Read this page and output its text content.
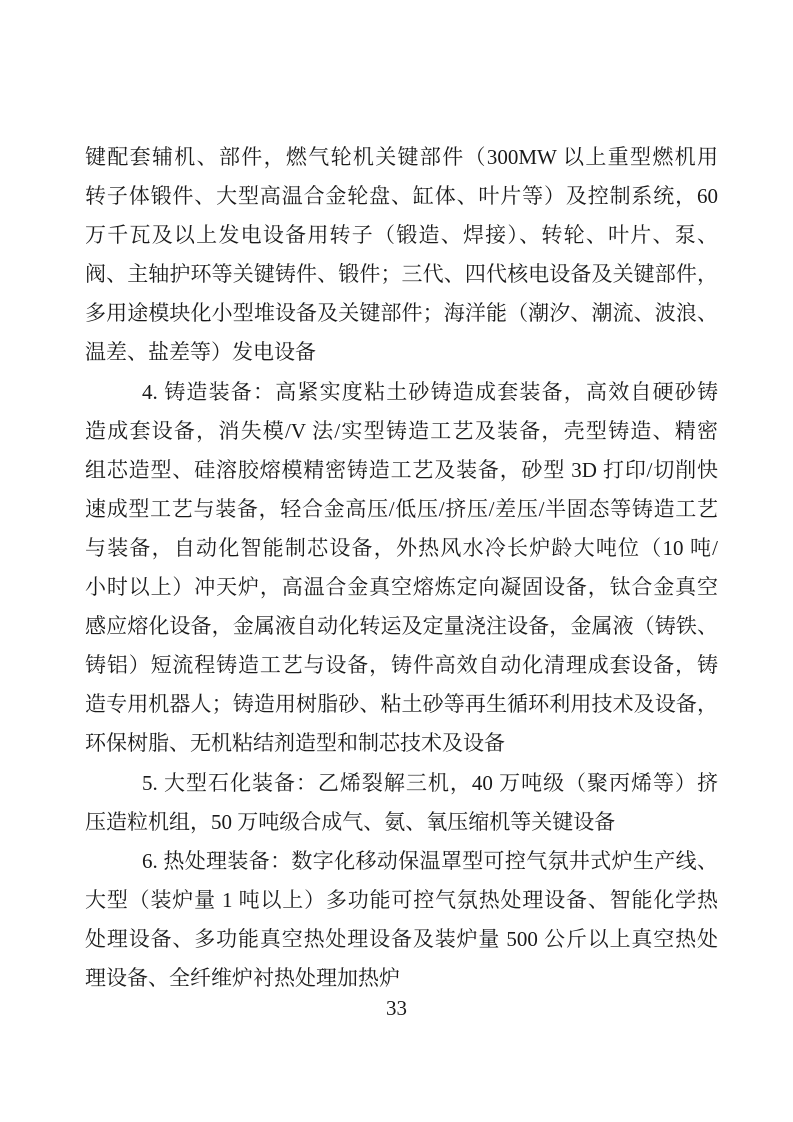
键配套辅机、部件，燃气轮机关键部件（300MW 以上重型燃机用

转子体锻件、大型高温合金轮盘、缸体、叶片等）及控制系统，60

万千瓦及以上发电设备用转子（锻造、焊接）、转轮、叶片、泵、

阀、主轴护环等关键铸件、锻件；三代、四代核电设备及关键部件，

多用途模块化小型堆设备及关键部件；海洋能（潮汐、潮流、波浪、

温差、盐差等）发电设备

4. 铸造装备：高紧实度粘土砂铸造成套装备，高效自硬砂铸

造成套设备，消失模/V 法/实型铸造工艺及装备，壳型铸造、精密

组芯造型、硅溶胶熔模精密铸造工艺及装备，砂型 3D 打印/切削快

速成型工艺与装备，轻合金高压/低压/挤压/差压/半固态等铸造工艺

与装备，自动化智能制芯设备，外热风水冷长炉龄大吨位（10 吨/

小时以上）冲天炉，高温合金真空熔炼定向凝固设备，钛合金真空

感应熔化设备，金属液自动化转运及定量浇注设备，金属液（铸铁、

铸铝）短流程铸造工艺与设备，铸件高效自动化清理成套设备，铸

造专用机器人；铸造用树脂砂、粘土砂等再生循环利用技术及设备，

环保树脂、无机粘结剂造型和制芯技术及设备

5. 大型石化装备：乙烯裂解三机，40 万吨级（聚丙烯等）挤

压造粒机组，50 万吨级合成气、氨、氧压缩机等关键设备

6. 热处理装备：数字化移动保温罩型可控气氛井式炉生产线、

大型（装炉量 1 吨以上）多功能可控气氛热处理设备、智能化学热

处理设备、多功能真空热处理设备及装炉量 500 公斤以上真空热处

理设备、全纤维炉衬热处理加热炉

33
